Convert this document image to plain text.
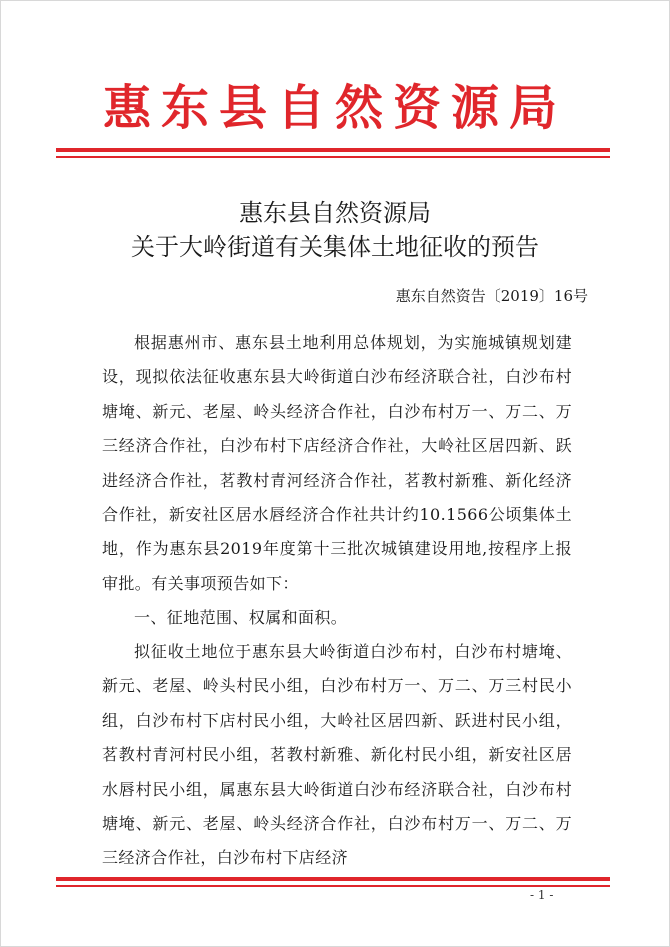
惠东县自然资源局
惠东县自然资源局
关于大岭街道有关集体土地征收的预告
惠东自然资告〔2019〕16号
根据惠州市、惠东县土地利用总体规划，为实施城镇规划建设，现拟依法征收惠东县大岭街道白沙布经济联合社，白沙布村塘埯、新元、老屋、岭头经济合作社，白沙布村万一、万二、万三经济合作社，白沙布村下店经济合作社，大岭社区居四新、跃进经济合作社，茗教村青河经济合作社，茗教村新雅、新化经济合作社，新安社区居水唇经济合作社共计约10.1566公顷集体土地，作为惠东县2019年度第十三批次城镇建设用地,按程序上报审批。有关事项预告如下：
一、征地范围、权属和面积。
拟征收土地位于惠东县大岭街道白沙布村，白沙布村塘埯、新元、老屋、岭头村民小组，白沙布村万一、万二、万三村民小组，白沙布村下店村民小组，大岭社区居四新、跃进村民小组，茗教村青河村民小组，茗教村新雅、新化村民小组，新安社区居水唇村民小组，属惠东县大岭街道白沙布经济联合社，白沙布村塘埯、新元、老屋、岭头经济合作社，白沙布村万一、万二、万三经济合作社，白沙布村下店经济
- 1 -
